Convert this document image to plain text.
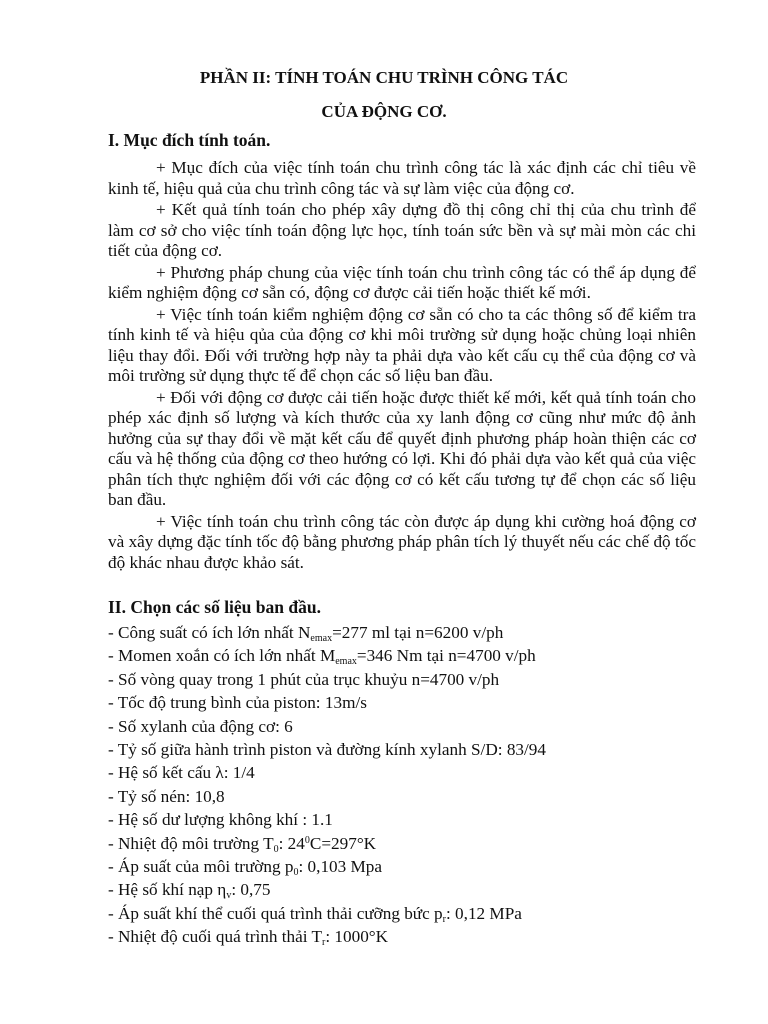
PHẦN II: TÍNH TOÁN CHU TRÌNH CÔNG TÁC
CỦA ĐỘNG CƠ.
I. Mục đích tính toán.

+ Mục đích của việc tính toán chu trình công tác là xác định các chỉ tiêu về kinh tế, hiệu quả của chu trình công tác và sự làm việc của động cơ.

+ Kết quả tính toán cho phép xây dựng đồ thị công chỉ thị của chu trình để làm cơ sở cho việc tính toán động lực học, tính toán sức bền và sự mài mòn các chi tiết của động cơ.

+ Phương pháp chung của việc tính toán chu trình công tác có thể áp dụng để kiểm nghiệm động cơ sẵn có, động cơ được cải tiến hoặc thiết kế mới.

+ Việc tính toán kiểm nghiệm động cơ sẵn có cho ta các thông số để kiểm tra tính kinh tế và hiệu qủa của động cơ khi môi trường sử dụng hoặc chủng loại nhiên liệu thay đổi. Đối với trường hợp này ta phải dựa vào kết cấu cụ thể của động cơ và môi trường sử dụng thực tế để chọn các số liệu ban đầu.

+ Đối với động cơ được cải tiến hoặc được thiết kế mới, kết quả tính toán cho phép xác định số lượng và kích thước của xy lanh động cơ cũng như mức độ ảnh hưởng của sự thay đổi về mặt kết cấu để quyết định phương pháp hoàn thiện các cơ cấu và hệ thống của động cơ theo hướng có lợi. Khi đó phải dựa vào kết quả của việc phân tích thực nghiệm đối với các động cơ có kết cấu tương tự để chọn các số liệu ban đầu.

+ Việc tính toán chu trình công tác còn được áp dụng khi cường hoá động cơ và xây dựng đặc tính tốc độ bằng phương pháp phân tích lý thuyết nếu các chế độ tốc độ khác nhau được khảo sát.

II. Chọn các số liệu ban đầu.
- Công suất có ích lớn nhất $N_{emax}=277$ ml tại n=6200 v/ph
- Momen xoắn có ích lớn nhất $M_{emax}=346$ Nm tại n=4700 v/ph
- Số vòng quay trong 1 phút của trục khuỷu n=4700 v/ph
- Tốc độ trung bình của piston: 13m/s
- Số xylanh của động cơ: 6
- Tỷ số giữa hành trình piston và đường kính xylanh S/D: 83/94
- Hệ số kết cấu λ: 1/4
- Tỷ số nén: 10,8
- Hệ số dư lượng không khí : 1.1
- Nhiệt độ môi trường $T_0$: $24^0C=297^\circ K$
- Áp suất của môi trường $p_0$: 0,103 Mpa
- Hệ số khí nạp $\eta_v$: 0,75
- Áp suất khí thể cuối quá trình thải cưỡng bức $p_r$: 0,12 MPa
- Nhiệt độ cuối quá trình thải $T_r$: 1000°K
